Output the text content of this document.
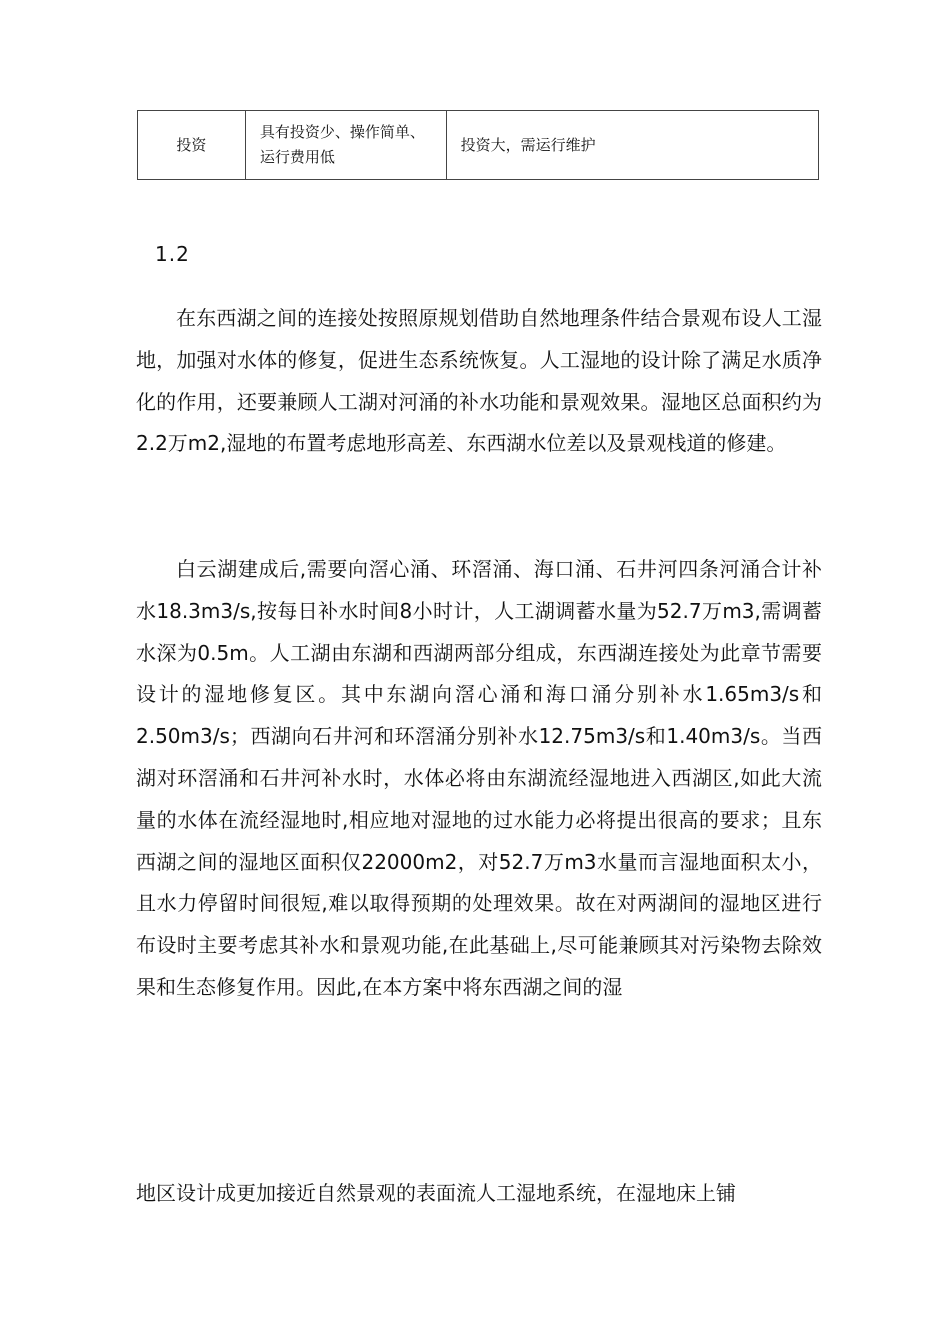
投资	具有投资少、操作简单、运行费用低	投资大，需运行维护
1.2

在东西湖之间的连接处按照原规划借助自然地理条件结合景观布设人工湿地，加强对水体的修复，促进生态系统恢复。人工湿地的设计除了满足水质净化的作用，还要兼顾人工湖对河涌的补水功能和景观效果。湿地区总面积约为2.2万m2,湿地的布置考虑地形高差、东西湖水位差以及景观栈道的修建。

白云湖建成后,需要向滘心涌、环滘涌、海口涌、石井河四条河涌合计补水18.3m3/s,按每日补水时间8小时计，人工湖调蓄水量为52.7万m3,需调蓄水深为0.5m。人工湖由东湖和西湖两部分组成，东西湖连接处为此章节需要设计的湿地修复区。其中东湖向滘心涌和海口涌分别补水1.65m3/s和2.50m3/s；西湖向石井河和环滘涌分别补水12.75m3/s和1.40m3/s。当西湖对环滘涌和石井河补水时，水体必将由东湖流经湿地进入西湖区,如此大流量的水体在流经湿地时,相应地对湿地的过水能力必将提出很高的要求；且东西湖之间的湿地区面积仅22000m2，对52.7万m3水量而言湿地面积太小，且水力停留时间很短,难以取得预期的处理效果。故在对两湖间的湿地区进行布设时主要考虑其补水和景观功能,在此基础上,尽可能兼顾其对污染物去除效果和生态修复作用。因此,在本方案中将东西湖之间的湿

地区设计成更加接近自然景观的表面流人工湿地系统，在湿地床上铺
